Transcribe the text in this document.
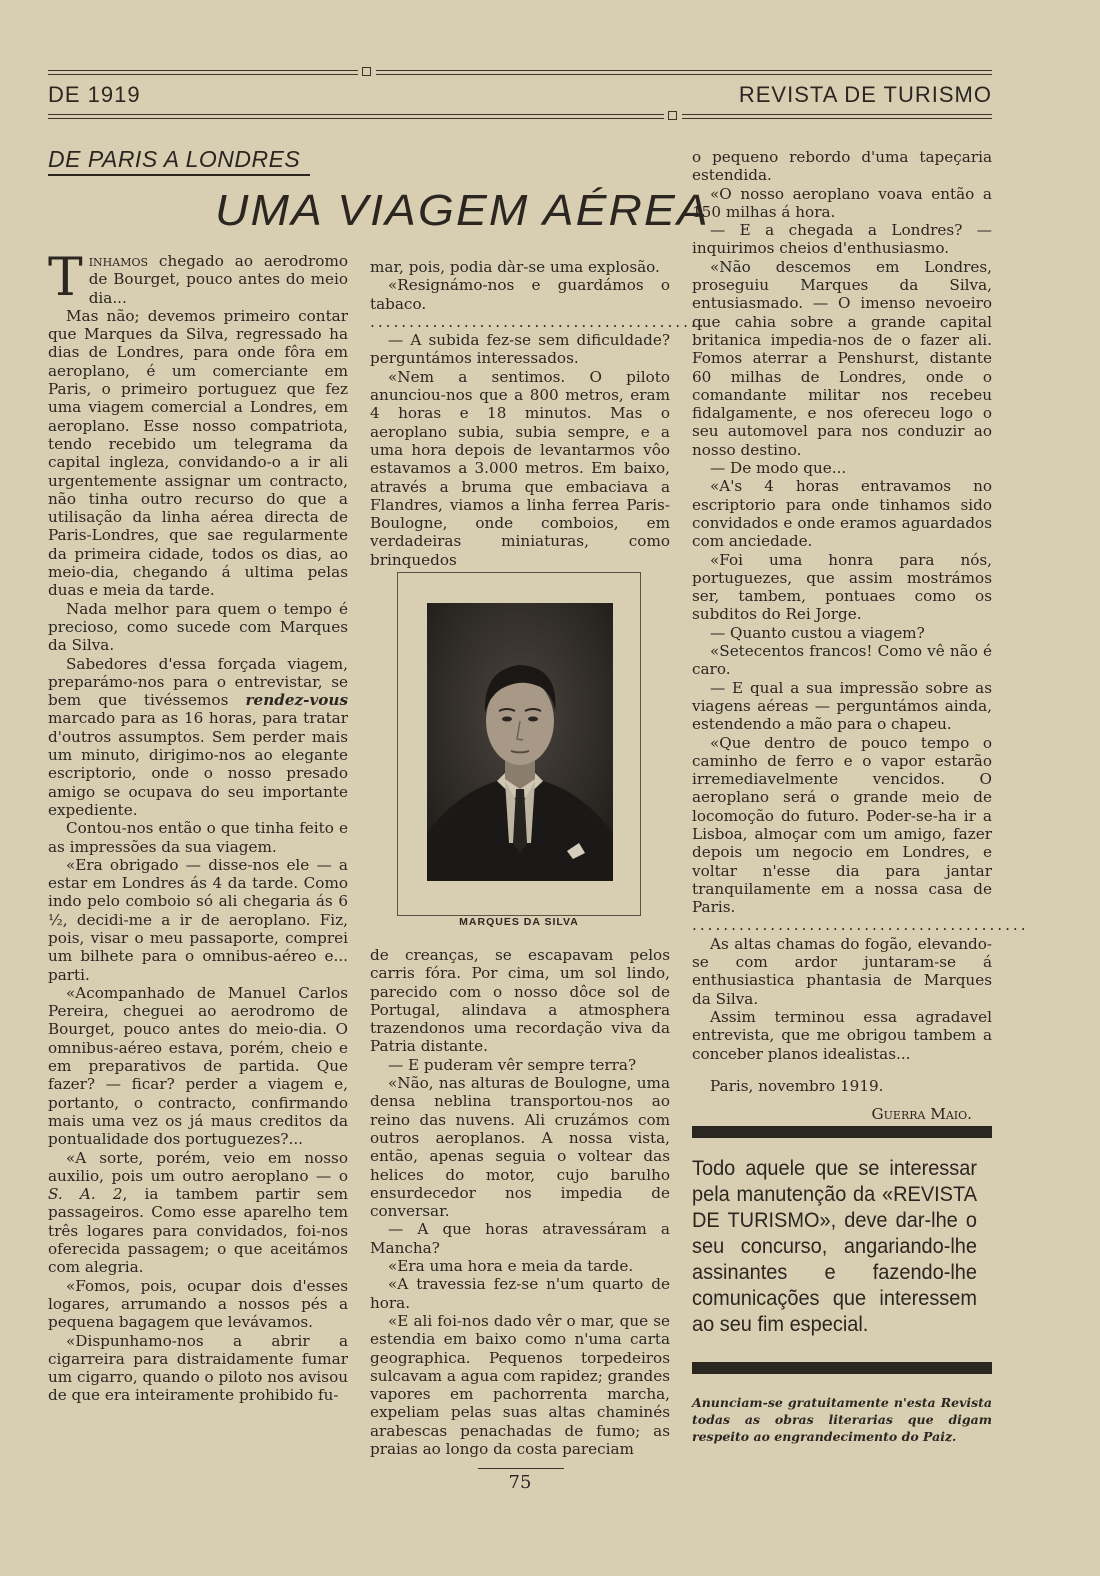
DE 1919	REVISTA DE TURISMO
DE PARIS A LONDRES
UMA VIAGEM AÉREA

Tinhamos chegado ao aerodromo de Bourget, pouco antes do meio dia...

Mas não; devemos primeiro contar que Marques da Silva, regressado ha dias de Londres, para onde fôra em aeroplano, é um comerciante em Paris, o primeiro portuguez que fez uma viagem comercial a Londres, em aeroplano. Esse nosso compatriota, tendo recebido um telegrama da capital ingleza, convidando-o a ir ali urgentemente assignar um contracto, não tinha outro recurso do que a utilisação da linha aérea directa de Paris-Londres, que sae regularmente da primeira cidade, todos os dias, ao meio-dia, chegando á ultima pelas duas e meia da tarde.

Nada melhor para quem o tempo é precioso, como sucede com Marques da Silva.

Sabedores d'essa forçada viagem, preparámo-nos para o entrevistar, se bem que tivéssemos rendez-vous marcado para as 16 horas, para tratar d'outros assumptos. Sem perder mais um minuto, dirigimo-nos ao elegante escriptorio, onde o nosso presado amigo se ocupava do seu importante expediente.

Contou-nos então o que tinha feito e as impressões da sua viagem.

«Era obrigado — disse-nos ele — a estar em Londres ás 4 da tarde. Como indo pelo comboio só ali chegaria ás 6 ½, decidi-me a ir de aeroplano. Fiz, pois, visar o meu passaporte, comprei um bilhete para o omnibus-aéreo e... parti.

«Acompanhado de Manuel Carlos Pereira, cheguei ao aerodromo de Bourget, pouco antes do meio-dia. O omnibus-aéreo estava, porém, cheio e em preparativos de partida. Que fazer? — ficar? perder a viagem e, portanto, o contracto, confirmando mais uma vez os já maus creditos da pontualidade dos portuguezes?...

«A sorte, porém, veio em nosso auxilio, pois um outro aeroplano — o S. A. 2, ia tambem partir sem passageiros. Como esse aparelho tem três logares para convidados, foi-nos oferecida passagem; o que aceitámos com alegria.

«Fomos, pois, ocupar dois d'esses logares, arrumando a nossos pés a pequena bagagem que levávamos.

«Dispunhamo-nos a abrir a cigarreira para distraidamente fumar um cigarro, quando o piloto nos avisou de que era inteiramente prohibido fu-

mar, pois, podia dàr-se uma explosão.

«Resignámo-nos e guardámos o tabaco.

...........................................

— A subida fez-se sem dificuldade? perguntámos interessados.

«Nem a sentimos. O piloto anunciou-nos que a 800 metros, eram 4 horas e 18 minutos. Mas o aeroplano subia, subia sempre, e a uma hora depois de levantarmos vôo estavamos a 3.000 metros. Em baixo, através a bruma que embaciava a Flandres, viamos a linha ferrea Paris-Boulogne, onde comboios, em verdadeiras miniaturas, como brinquedos

MARQUES DA SILVA

de creanças, se escapavam pelos carris fóra. Por cima, um sol lindo, parecido com o nosso dôce sol de Portugal, alindava a atmosphera trazendonos uma recordação viva da Patria distante.

— E puderam vêr sempre terra?

«Não, nas alturas de Boulogne, uma densa neblina transportou-nos ao reino das nuvens. Ali cruzámos com outros aeroplanos. A nossa vista, então, apenas seguia o voltear das helices do motor, cujo barulho ensurdecedor nos impedia de conversar.

— A que horas atravessáram a Mancha?

«Era uma hora e meia da tarde.

«A travessia fez-se n'um quarto de hora.

«E ali foi-nos dado vêr o mar, que se estendia em baixo como n'uma carta geographica. Pequenos torpedeiros sulcavam a agua com rapidez; grandes vapores em pachorrenta marcha, expeliam pelas suas altas chaminés arabescas penachadas de fumo; as praias ao longo da costa pareciam

o pequeno rebordo d'uma tapeçaria estendida.

«O nosso aeroplano voava então a 150 milhas á hora.

— E a chegada a Londres? — inquirimos cheios d'enthusiasmo.

«Não descemos em Londres, proseguiu Marques da Silva, entusiasmado. — O imenso nevoeiro que cahia sobre a grande capital britanica impedia-nos de o fazer ali. Fomos aterrar a Penshurst, distante 60 milhas de Londres, onde o comandante militar nos recebeu fidalgamente, e nos ofereceu logo o seu automovel para nos conduzir ao nosso destino.

— De modo que...

«A's 4 horas entravamos no escriptorio para onde tinhamos sido convidados e onde eramos aguardados com anciedade.

«Foi uma honra para nós, portuguezes, que assim mostrámos ser, tambem, pontuaes como os subditos do Rei Jorge.

— Quanto custou a viagem?

«Setecentos francos! Como vê não é caro.

— E qual a sua impressão sobre as viagens aéreas — perguntámos ainda, estendendo a mão para o chapeu.

«Que dentro de pouco tempo o caminho de ferro e o vapor estarão irremediavelmente vencidos. O aeroplano será o grande meio de locomoção do futuro. Poder-se-ha ir a Lisboa, almoçar com um amigo, fazer depois um negocio em Londres, e voltar n'esse dia para jantar tranquilamente em a nossa casa de Paris.

...........................................

As altas chamas do fogão, elevando-se com ardor juntaram-se á enthusiastica phantasia de Marques da Silva.

Assim terminou essa agradavel entrevista, que me obrigou tambem a conceber planos idealistas...

Paris, novembro 1919.

Guerra Maio.

Todo aquele que se interessar pela manutenção da «REVISTA DE TURISMO», deve dar-lhe o seu concurso, angariando-lhe assinantes e fazendo-lhe comunicações que interessem ao seu fim especial.
Anunciam-se gratuitamente n'esta Revista todas as obras literarias que digam respeito ao engrandecimento do Paiz.
75
